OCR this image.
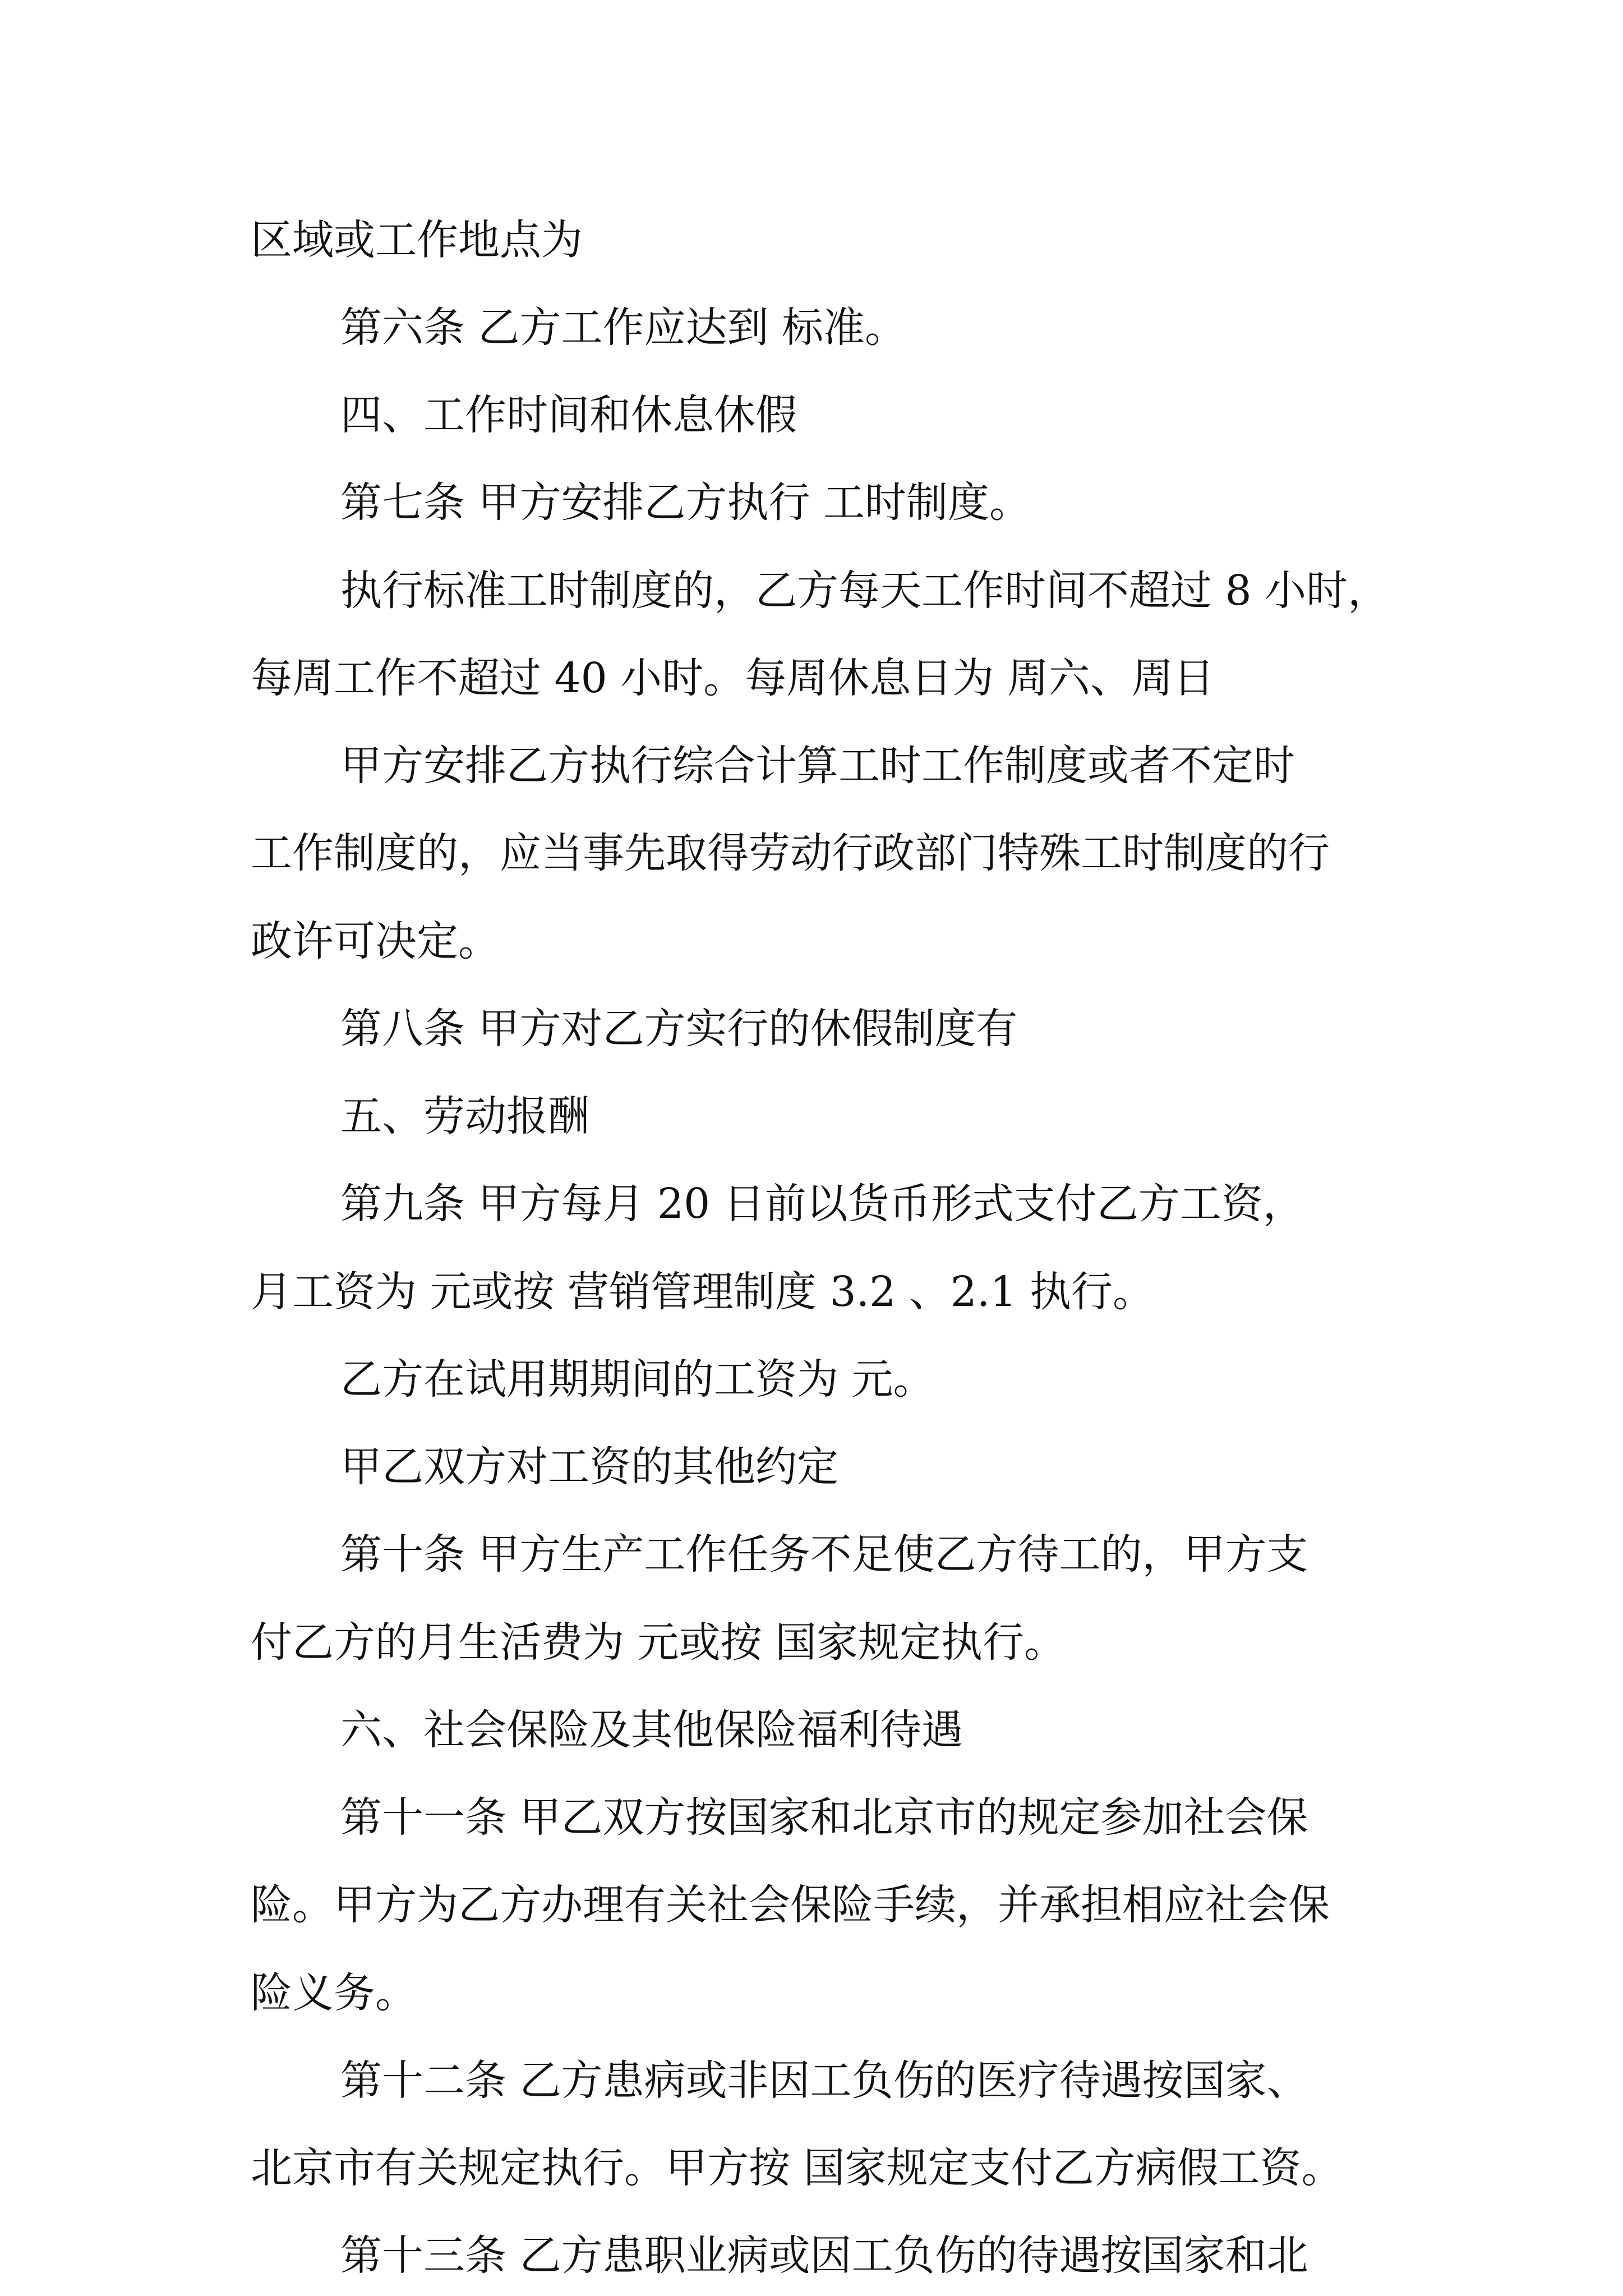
区域或工作地点为
第六条 乙方工作应达到 标准。
四、工作时间和休息休假
第七条 甲方安排乙方执行 工时制度。
执行标准工时制度的，乙方每天工作时间不超过 8 小时，
每周工作不超过 40 小时。每周休息日为 周六、周日
甲方安排乙方执行综合计算工时工作制度或者不定时
工作制度的，应当事先取得劳动行政部门特殊工时制度的行
政许可决定。
第八条 甲方对乙方实行的休假制度有
五、劳动报酬
第九条 甲方每月 20 日前以货币形式支付乙方工资，
月工资为 元或按 营销管理制度 3.2 、2.1 执行。
乙方在试用期期间的工资为 元。
甲乙双方对工资的其他约定
第十条 甲方生产工作任务不足使乙方待工的，甲方支
付乙方的月生活费为 元或按 国家规定执行。
六、社会保险及其他保险福利待遇
第十一条 甲乙双方按国家和北京市的规定参加社会保
险。甲方为乙方办理有关社会保险手续，并承担相应社会保
险义务。
第十二条 乙方患病或非因工负伤的医疗待遇按国家、
北京市有关规定执行。甲方按 国家规定支付乙方病假工资。
第十三条 乙方患职业病或因工负伤的待遇按国家和北
